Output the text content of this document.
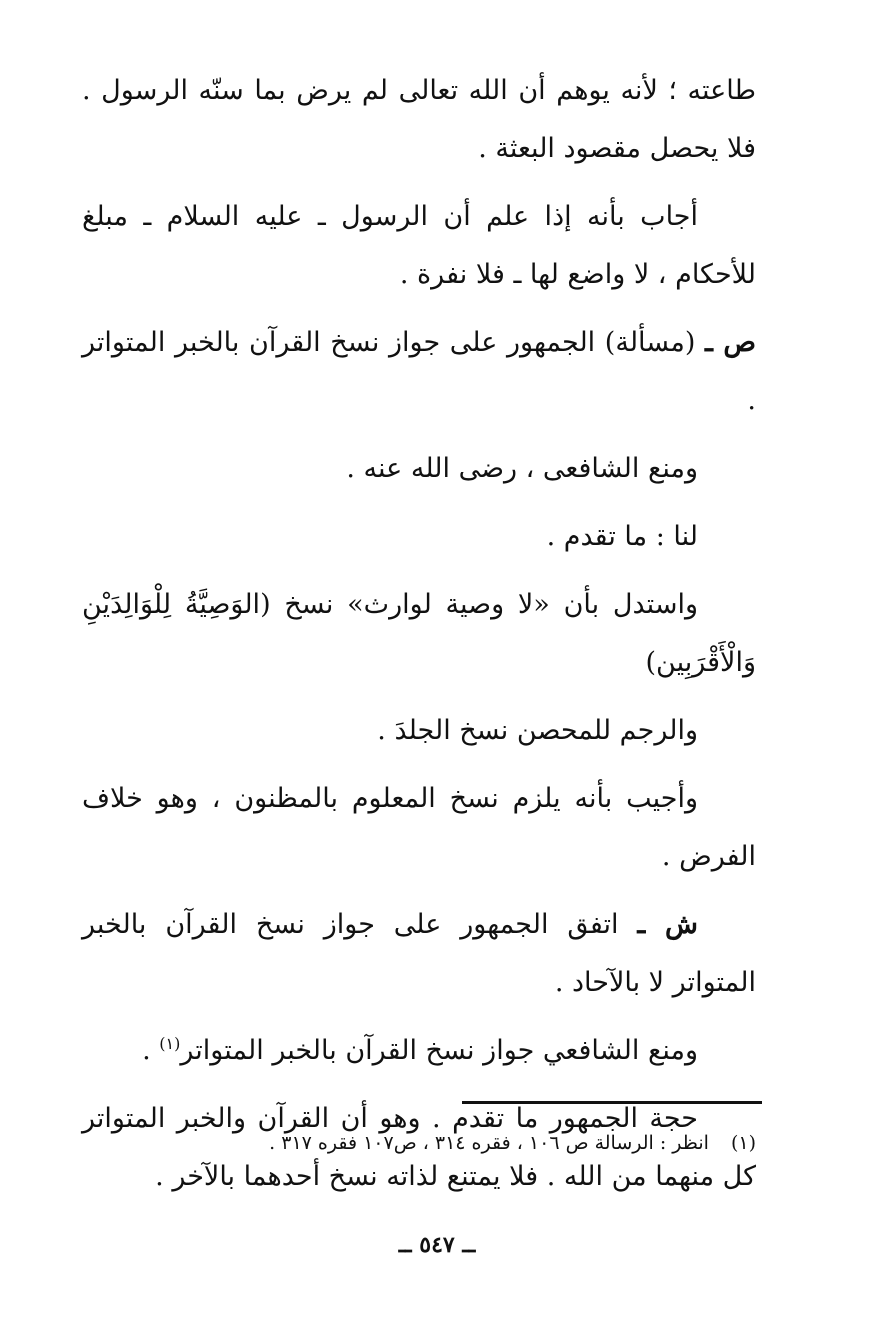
طاعته ؛ لأنه يوهم أن الله تعالى لم يرض بما سنّه الرسول . فلا يحصل مقصود البعثة .

أجاب بأنه إذا علم أن الرسول ـ عليه السلام ـ مبلغ للأحكام ، لا واضع لها ـ فلا نفرة .

ص ـ (مسألة) الجمهور على جواز نسخ القرآن بالخبر المتواتر .

ومنع الشافعى ، رضى الله عنه .

لنا : ما تقدم .

واستدل بأن «لا وصية لوارث» نسخ (الوَصِيَّةُ لِلْوَالِدَيْنِ وَالْأَقْرَبِين)

والرجم للمحصن نسخ الجلدَ .

وأجيب بأنه يلزم نسخ المعلوم بالمظنون ، وهو خلاف الفرض .

ش ـ اتفق الجمهور على جواز نسخ القرآن بالخبر المتواتر لا بالآحاد .

ومنع الشافعي جواز نسخ القرآن بالخبر المتواتر$^{(١)}$ .

حجة الجمهور ما تقدم . وهو أن القرآن والخبر المتواتر كل منهما من الله . فلا يمتنع لذاته نسخ أحدهما بالآخر .

(١)انظر : الرسالة ص ١٠٦ ، فقره ٣١٤ ، ص١٠٧ فقره ٣١٧ .
ــ ٥٤٧ ــ
